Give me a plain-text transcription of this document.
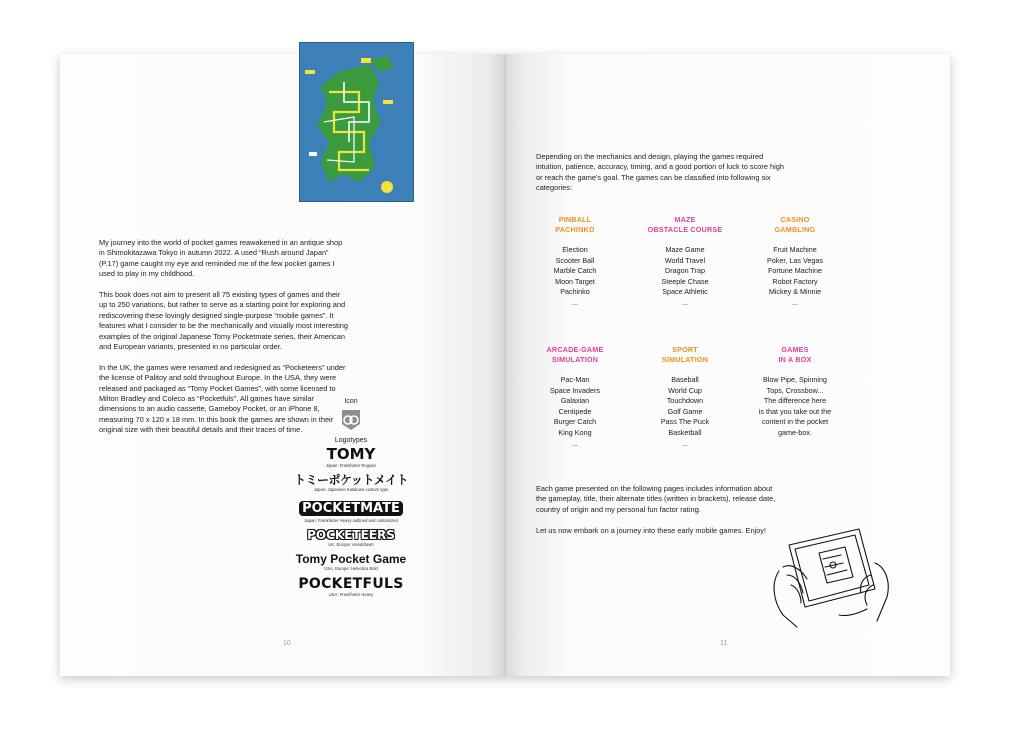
My journey into the world of pocket games reawakened in an antique shop in Shimokitazawa Tokyo in autumn 2022. A used “Rush around Japan” (P.17) game caught my eye and reminded me of the few pocket games I used to play in my childhood.

This book does not aim to present all 75 existing types of games and their up to 250 variations, but rather to serve as a starting point for exploring and rediscovering these lovingly designed single-purpose “mobile games”. It features what I consider to be the mechanically and visually most interesting examples of the original Japanese Tomy Pocketmate series, their American and European variants, presented in no particular order.

In the UK, the games were renamed and redesigned as “Pocketeers” under the license of Palitoy and sold throughout Europe. In the USA, they were released and packaged as “Tomy Pocket Games”, with some licensed to Milton Bradley and Coleco as “Pocketfuls”. All games have similar dimensions to an audio cassette, Gameboy Pocket, or an iPhone 8, measuring 70 x 120 x 18 mm. In this book the games are shown in their original size with their beautiful details and their traces of time.

Icon
Logotypes
TOMY
Japan: Frankfurter Regular
トミーポケットメイト
Japan: Japanese Katakana custom type
POCKETMATE
Japan: Frankfurter Heavy outlined and customized
POCKETEERS
UK, Europe: Handdrawn
Tomy Pocket Game
USA, Europe: Helvetica Bold
POCKETFULS
USA: Frankfurter Heavy
10
Depending on the mechanics and design, playing the games required intuition, patience, accuracy, timing, and a good portion of luck to score high or reach the game's goal. The games can be classified into following six categories:
PINBALL
PACHINKO
Election
Scooter Ball
Marble Catch
Moon Target
Pachinko
...
MAZE
OBSTACLE COURSE
Maze Game
World Travel
Dragon Trap
Steeple Chase
Space Athletic
...
CASINO
GAMBLING
Fruit Machine
Poker, Las Vegas
Fortune Machine
Robot Factory
Mickey & Minnie
...
ARCADE-GAME
SIMULATION
Pac-Man
Space Invaders
Galaxian
Centipede
Burger Catch
King Kong
...
SPORT
SIMULATION
Baseball
World Cup
Touchdown
Golf Game
Pass The Puck
Basketball
...
GAMES
IN A BOX
Blow Pipe, Spinning
Tops, Crossbow...
The difference here
is that you take out the
content in the pocket
game-box.

Each game presented on the following pages includes information about the gameplay, title, their alternate titles (written in brackets), release date, country of origin and my personal fun factor rating.

Let us now embark on a journey into these early mobile games. Enjoy!

11
